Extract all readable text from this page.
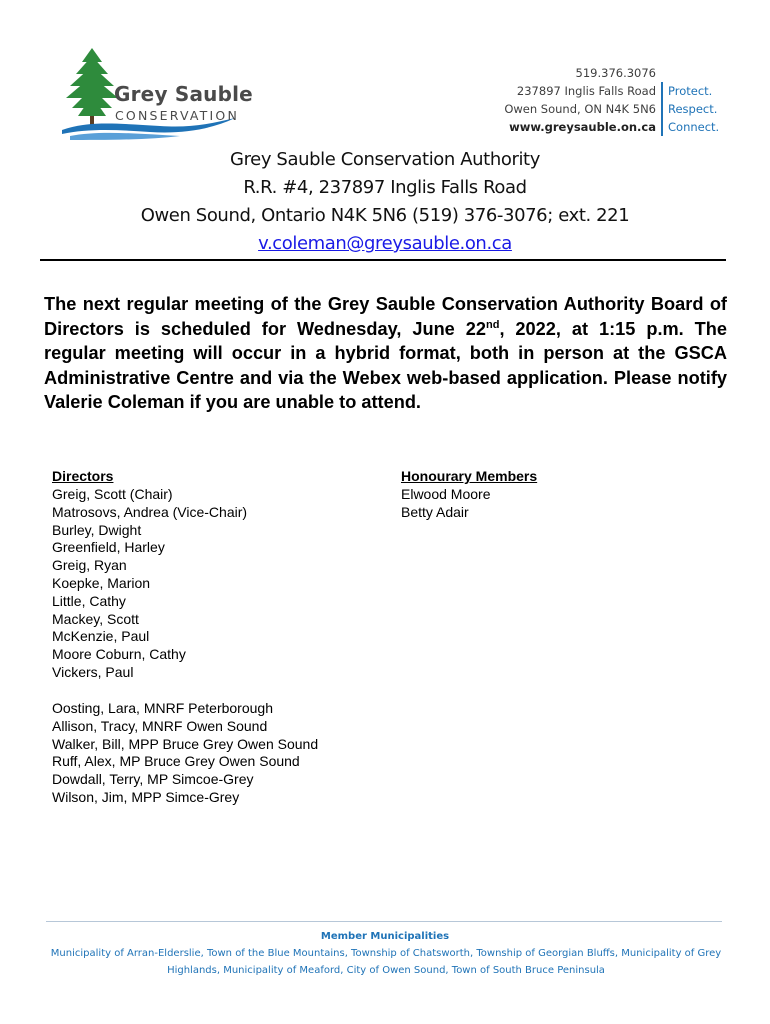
Grey Sauble
CONSERVATION
519.376.3076
237897 Inglis Falls Road
Owen Sound, ON N4K 5N6
www.greysauble.on.ca
Protect.
Respect.
Connect.
Grey Sauble Conservation Authority
R.R. #4, 237897 Inglis Falls Road
Owen Sound, Ontario N4K 5N6 (519) 376-3076; ext. 221
v.coleman@greysauble.on.ca
The next regular meeting of the Grey Sauble Conservation Authority Board of Directors is scheduled for Wednesday, June 22nd, 2022, at 1:15 p.m. The regular meeting will occur in a hybrid format, both in person at the GSCA Administrative Centre and via the Webex web-based application. Please notify Valerie Coleman if you are unable to attend.
Directors
Greig, Scott (Chair)
Matrosovs, Andrea (Vice-Chair)
Burley, Dwight
Greenfield, Harley
Greig, Ryan
Koepke, Marion
Little, Cathy
Mackey, Scott
McKenzie, Paul
Moore Coburn, Cathy
Vickers, Paul
Honourary Members
Elwood Moore
Betty Adair
Oosting, Lara, MNRF Peterborough
Allison, Tracy, MNRF Owen Sound
Walker, Bill, MPP Bruce Grey Owen Sound
Ruff, Alex, MP Bruce Grey Owen Sound
Dowdall, Terry, MP Simcoe-Grey
Wilson, Jim, MPP Simce-Grey
Member Municipalities
Municipality of Arran-Elderslie, Town of the Blue Mountains, Township of Chatsworth, Township of Georgian Bluffs, Municipality of Grey Highlands, Municipality of Meaford, City of Owen Sound, Town of South Bruce Peninsula
